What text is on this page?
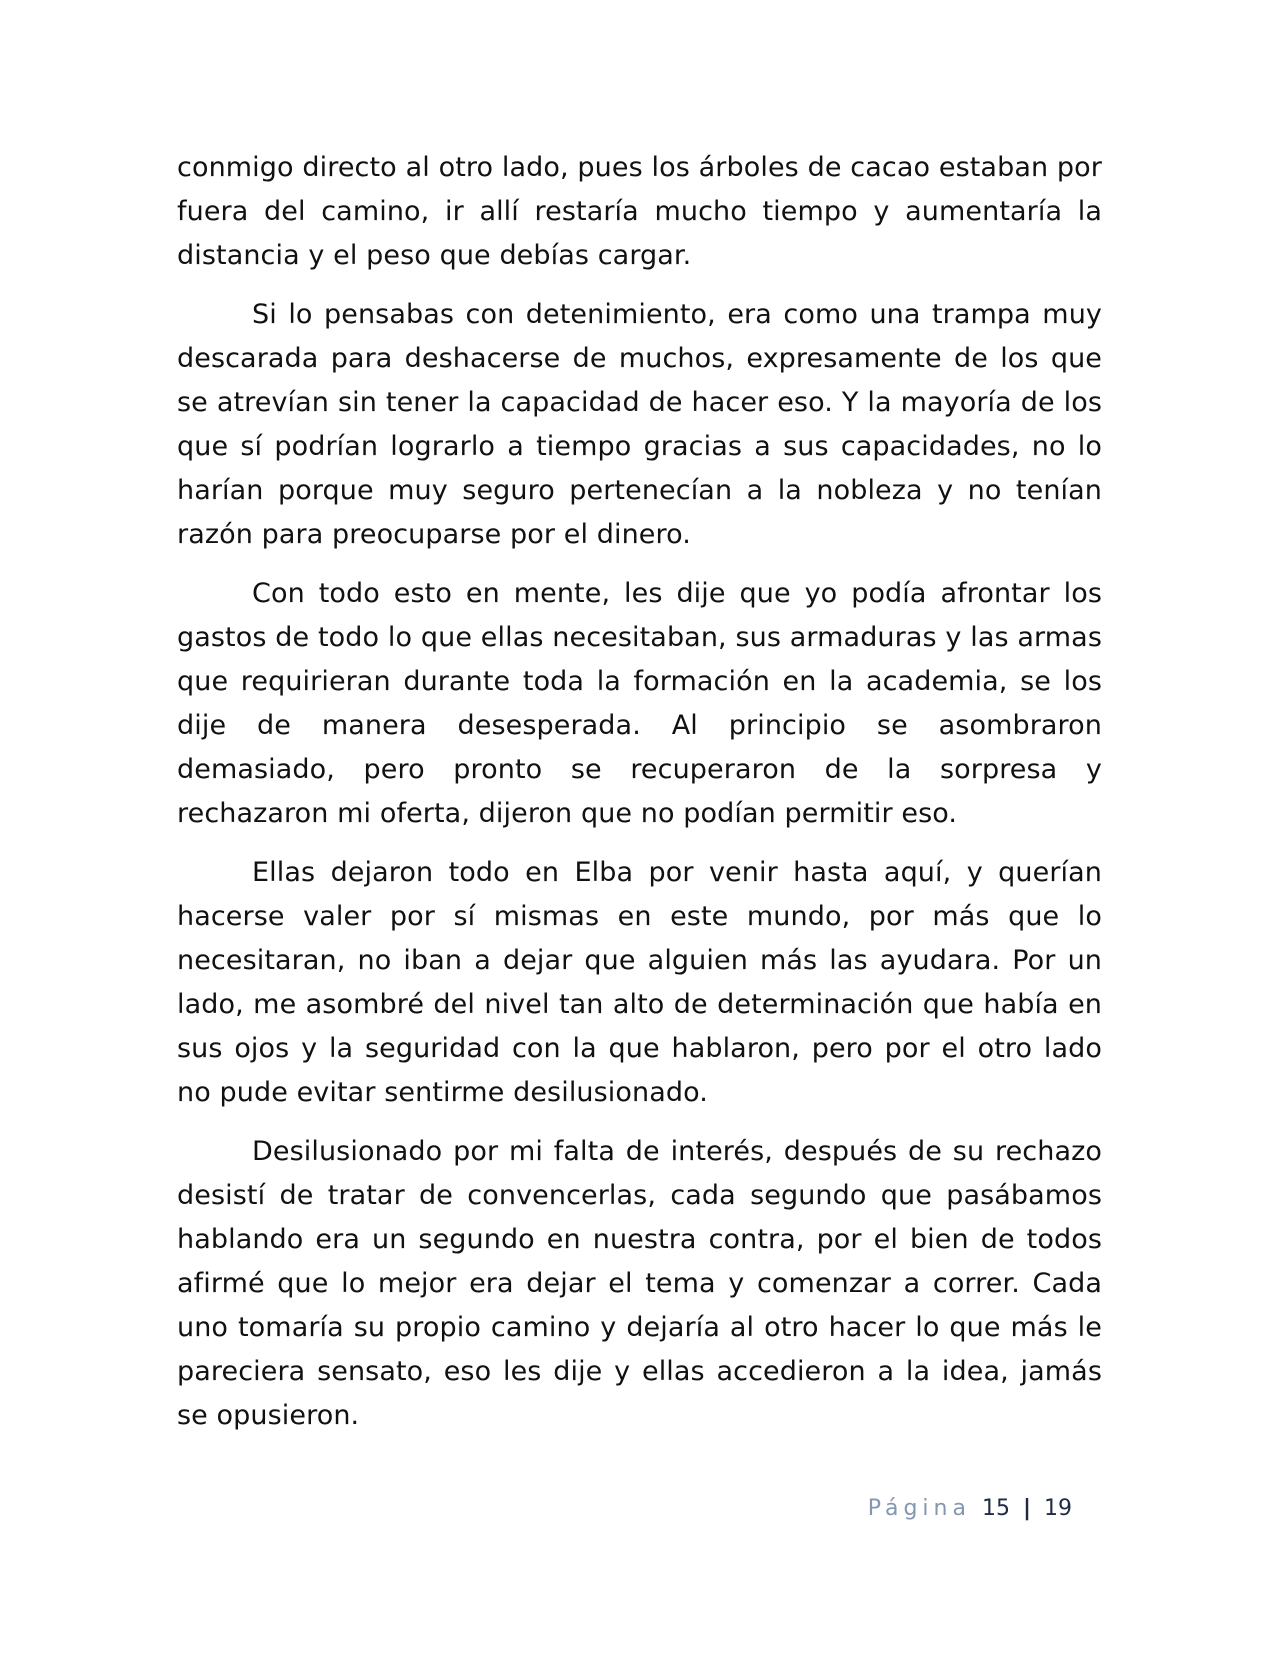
conmigo directo al otro lado, pues los árboles de cacao estaban por fuera del camino, ir allí restaría mucho tiempo y aumentaría la distancia y el peso que debías cargar.

Si lo pensabas con detenimiento, era como una trampa muy descarada para deshacerse de muchos, expresamente de los que se atrevían sin tener la capacidad de hacer eso. Y la mayoría de los que sí podrían lograrlo a tiempo gracias a sus capacidades, no lo harían porque muy seguro pertenecían a la nobleza y no tenían razón para preocuparse por el dinero.

Con todo esto en mente, les dije que yo podía afrontar los gastos de todo lo que ellas necesitaban, sus armaduras y las armas que requirieran durante toda la formación en la academia, se los dije de manera desesperada. Al principio se asombraron demasiado, pero pronto se recuperaron de la sorpresa y rechazaron mi oferta, dijeron que no podían permitir eso.

Ellas dejaron todo en Elba por venir hasta aquí, y querían hacerse valer por sí mismas en este mundo, por más que lo necesitaran, no iban a dejar que alguien más las ayudara. Por un lado, me asombré del nivel tan alto de determinación que había en sus ojos y la seguridad con la que hablaron, pero por el otro lado no pude evitar sentirme desilusionado.

Desilusionado por mi falta de interés, después de su rechazo desistí de tratar de convencerlas, cada segundo que pasábamos hablando era un segundo en nuestra contra, por el bien de todos afirmé que lo mejor era dejar el tema y comenzar a correr. Cada uno tomaría su propio camino y dejaría al otro hacer lo que más le pareciera sensato, eso les dije y ellas accedieron a la idea, jamás se opusieron.

Página 15 | 19
